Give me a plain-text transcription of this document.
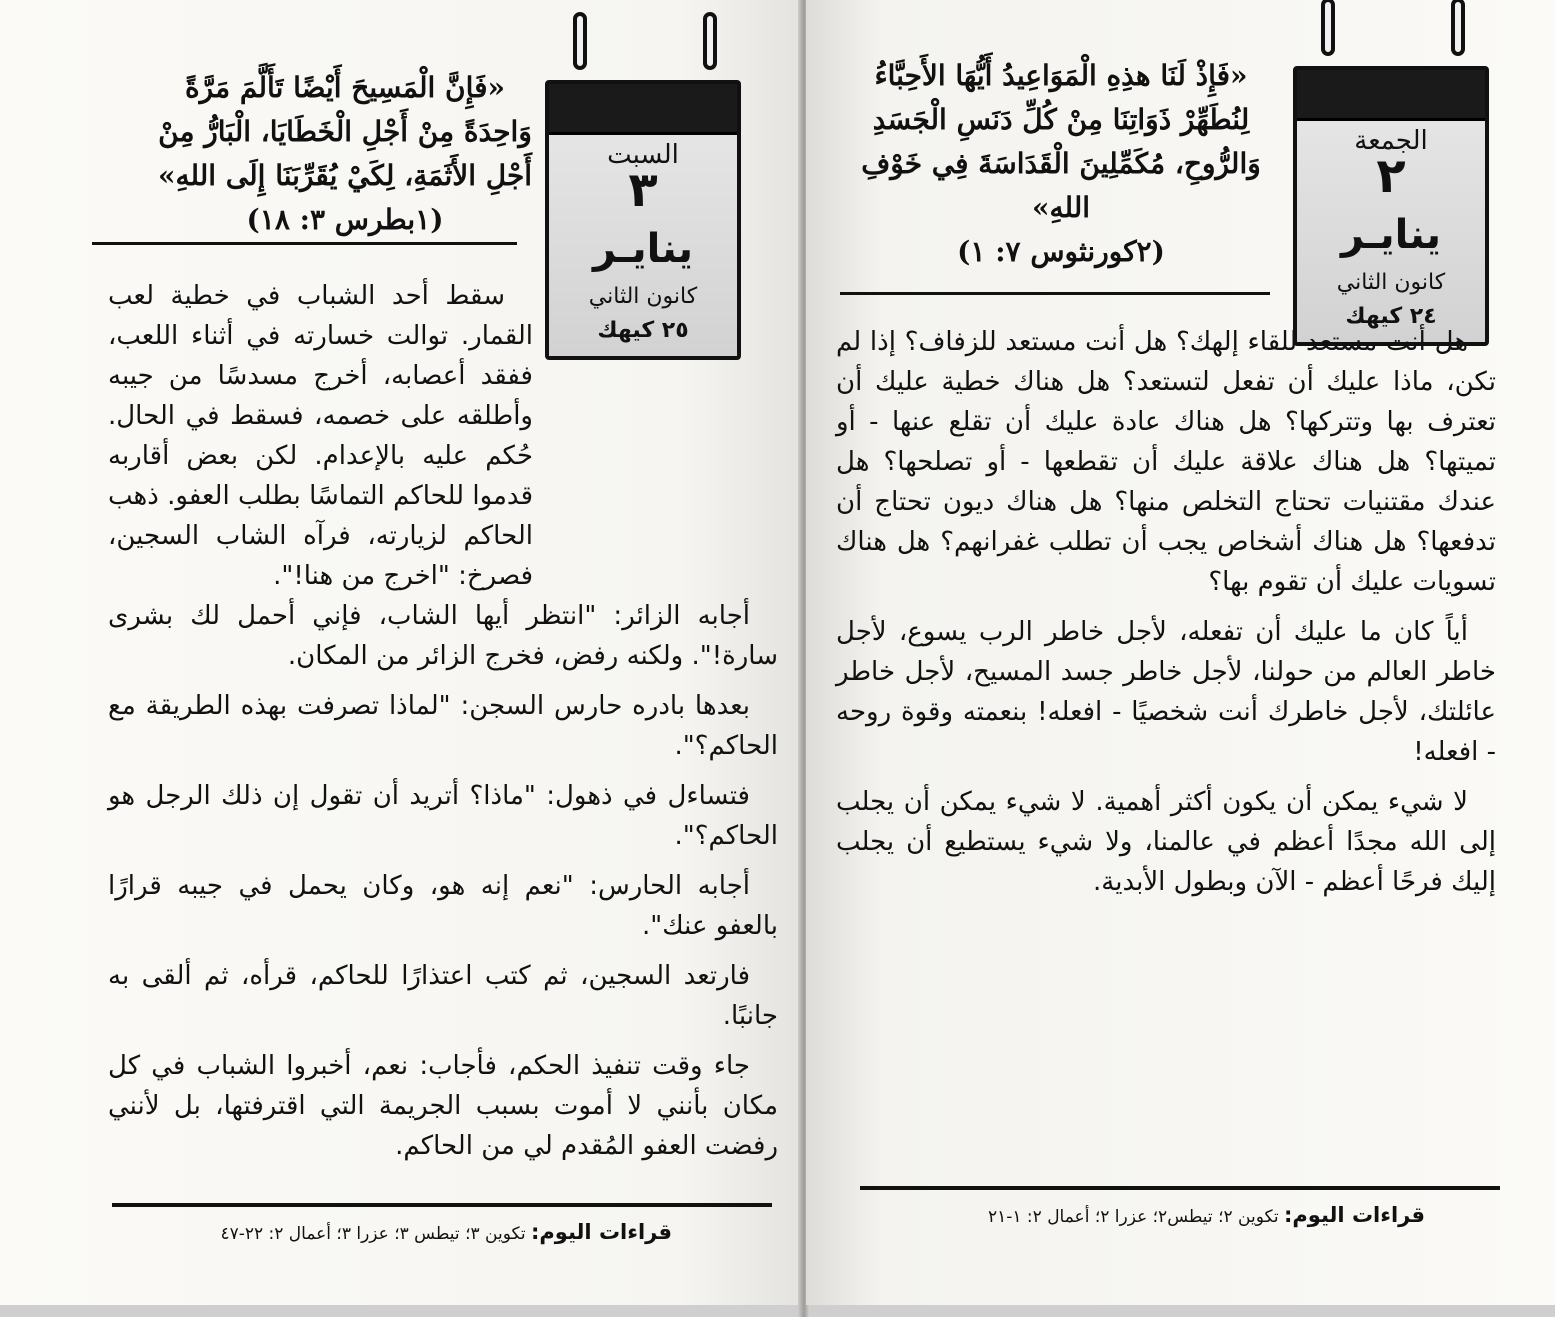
السبت
٣
ينايـر
كانون الثاني
٢٥ كيهك
«فَإِنَّ الْمَسِيحَ أَيْضًا تَأَلَّمَ مَرَّةً وَاحِدَةً مِنْ أَجْلِ الْخَطَايَا، الْبَارُّ مِنْ أَجْلِ الأَثَمَةِ، لِكَيْ يُقَرِّبَنَا إِلَى اللهِ»
(١بطرس ٣: ١٨)

سقط أحد الشباب في خطية لعب القمار. توالت خسارته في أثناء اللعب، ففقد أعصابه، أخرج مسدسًا من جيبه وأطلقه على خصمه، فسقط في الحال. حُكم عليه بالإعدام. لكن بعض أقاربه قدموا للحاكم التماسًا بطلب العفو. ذهب الحاكم لزيارته، فرآه الشاب السجين، فصرخ: "اخرج من هنا!".

أجابه الزائر: "انتظر أيها الشاب، فإني أحمل لك بشرى سارة!". ولكنه رفض، فخرج الزائر من المكان.

بعدها بادره حارس السجن: "لماذا تصرفت بهذه الطريقة مع الحاكم؟".

فتساءل في ذهول: "ماذا؟ أتريد أن تقول إن ذلك الرجل هو الحاكم؟".

أجابه الحارس: "نعم إنه هو، وكان يحمل في جيبه قرارًا بالعفو عنك".

فارتعد السجين، ثم كتب اعتذارًا للحاكم، قرأه، ثم ألقى به جانبًا.

جاء وقت تنفيذ الحكم، فأجاب: نعم، أخبروا الشباب في كل مكان بأنني لا أموت بسبب الجريمة التي اقترفتها، بل لأنني رفضت العفو المُقدم لي من الحاكم.

قراءات اليوم: تكوين ٣؛ تيطس ٣؛ عزرا ٣؛ أعمال ٢: ٢٢-٤٧
الجمعة
٢
ينايـر
كانون الثاني
٢٤ كيهك
«فَإِذْ لَنَا هذِهِ الْمَوَاعِيدُ أَيُّهَا الأَحِبَّاءُ لِنُطَهِّرْ ذَوَاتِنَا مِنْ كُلِّ دَنَسِ الْجَسَدِ وَالرُّوحِ، مُكَمِّلِينَ الْقَدَاسَةَ فِي خَوْفِ اللهِ»
(٢كورنثوس ٧: ١)

هل أنت مستعد للقاء إلهك؟ هل أنت مستعد للزفاف؟ إذا لم تكن، ماذا عليك أن تفعل لتستعد؟ هل هناك خطية عليك أن تعترف بها وتتركها؟ هل هناك عادة عليك أن تقلع عنها - أو تميتها؟ هل هناك علاقة عليك أن تقطعها - أو تصلحها؟ هل عندك مقتنيات تحتاج التخلص منها؟ هل هناك ديون تحتاج أن تدفعها؟ هل هناك أشخاص يجب أن تطلب غفرانهم؟ هل هناك تسويات عليك أن تقوم بها؟

أياً كان ما عليك أن تفعله، لأجل خاطر الرب يسوع، لأجل خاطر العالم من حولنا، لأجل خاطر جسد المسيح، لأجل خاطر عائلتك، لأجل خاطرك أنت شخصيًا - افعله! بنعمته وقوة روحه - افعله!

لا شيء يمكن أن يكون أكثر أهمية. لا شيء يمكن أن يجلب إلى الله مجدًا أعظم في عالمنا، ولا شيء يستطيع أن يجلب إليك فرحًا أعظم - الآن وبطول الأبدية.

قراءات اليوم: تكوين ٢؛ تيطس٢؛ عزرا ٢؛ أعمال ٢: ١-٢١
